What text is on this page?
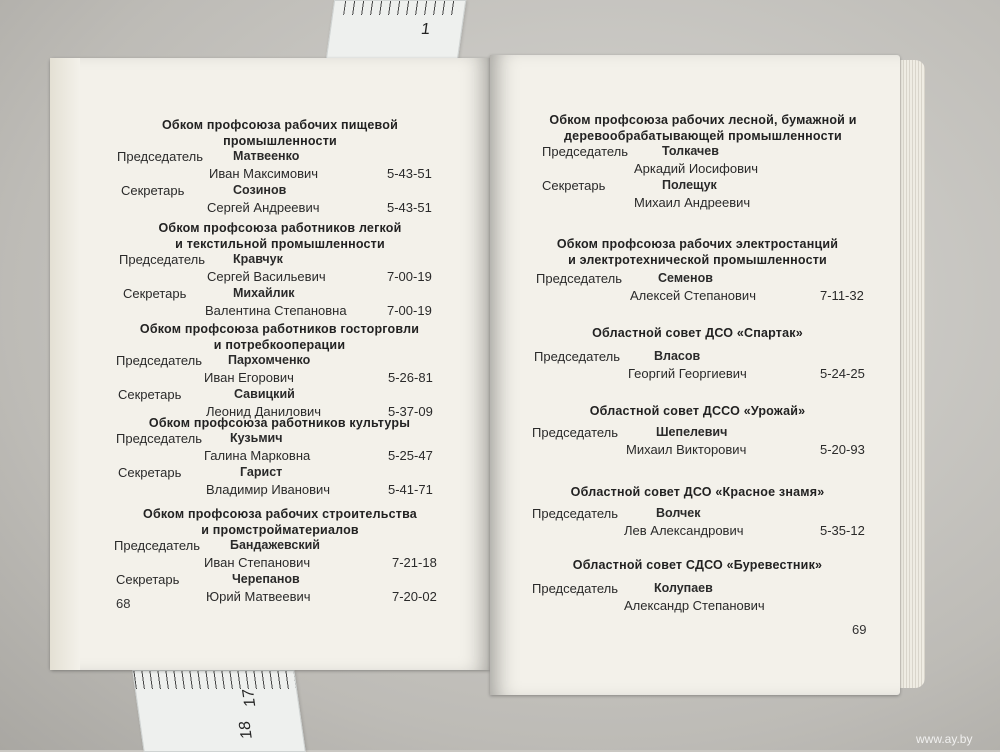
1
17
18
Обком профсоюза рабочих пищевой
промышленности
Председатель Матвеенко
Иван Максимович	5-43-51
Секретарь	Созинов
Сергей Андреевич	5-43-51
Обком профсоюза работников легкой
и текстильной промышленности
Председатель Кравчук
Сергей Васильевич	7-00-19
Секретарь	Михайлик
Валентина Степановна	7-00-19
Обком профсоюза работников госторговли
и потребкооперации
Председатель Пархомченко
Иван Егорович	5-26-81
Секретарь	Савицкий
Леонид Данилович	5-37-09
Обком профсоюза работников культуры
Председатель Кузьмич
Галина Марковна	5-25-47
Секретарь	Гарист
Владимир Иванович	5-41-71
Обком профсоюза рабочих строительства
и промстройматериалов
Председатель Бандажевский
Иван Степанович	7-21-18
Секретарь	Черепанов
Юрий Матвеевич	7-20-02
68
Обком профсоюза рабочих лесной, бумажной и
деревообрабатывающей промышленности
Председатель	Толкачев
Аркадий Иосифович
Секретарь	Полещук
Михаил Андреевич
Обком профсоюза рабочих электростанций
и электротехнической промышленности
Председатель	Семенов
Алексей Степанович	7-11-32
Областной совет ДСО «Спартак»
Председатель	Власов
Георгий Георгиевич	5-24-25
Областной совет ДССО «Урожай»
Председатель	Шепелевич
Михаил Викторович	5-20-93
Областной совет ДСО «Красное знамя»
Председатель	Волчек
Лев Александрович	5-35-12
Областной совет СДСО «Буревестник»
Председатель	Колупаев
Александр Степанович
69
www.ay.by
